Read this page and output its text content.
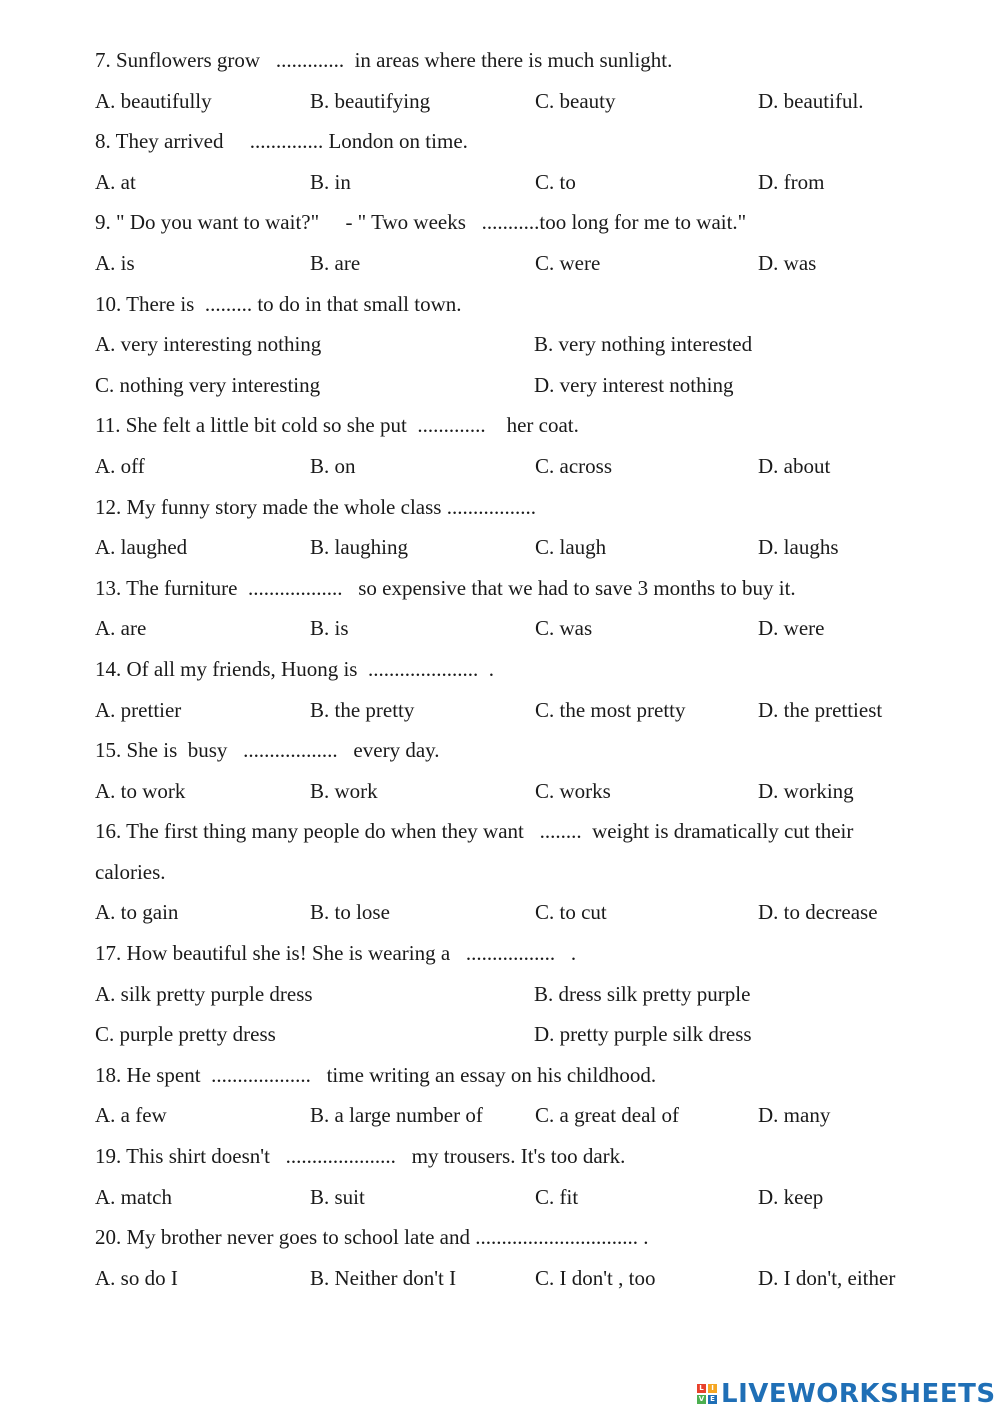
7. Sunflowers grow   .............  in areas where there is much sunlight.
A. beautifully	B. beautifying	C. beauty	D. beautiful.
8. They arrived     .............. London on time.
A. at	B. in	C. to	D. from
9. " Do you want to wait?"     - " Two weeks   ...........too long for me to wait."
A. is	B. are	C. were	D. was
10. There is  ......... to do in that small town.
A. very interesting nothing	B. very nothing interested
C. nothing very interesting	D. very interest nothing
11. She felt a little bit cold so she put  .............    her coat.
A. off	B. on	C. across	D. about
12. My funny story made the whole class .................
A. laughed	B. laughing	C. laugh	D. laughs
13. The furniture  ..................   so expensive that we had to save 3 months to buy it.
A. are	B. is	C. was	D. were
14. Of all my friends, Huong is  .....................  .
A. prettier	B. the pretty	C. the most pretty	D. the prettiest
15. She is  busy   ..................   every day.
A. to work	B. work	C. works	D. working
16. The first thing many people do when they want   ........  weight is dramatically cut their
calories.
A. to gain	B. to lose	C. to cut	D. to decrease
17. How beautiful she is! She is wearing a   .................   .
A. silk pretty purple dress	B. dress silk pretty purple
C. purple pretty dress	D. pretty purple silk dress
18. He spent  ...................   time writing an essay on his childhood.
A. a few	B. a large number of C. a great deal of	D. many
19. This shirt doesn't   .....................   my trousers. It's too dark.
A. match	B. suit	C. fit	D. keep
20. My brother never goes to school late and ............................... .
A. so do I	B. Neither don't I	C. I don't , too	D. I don't, either
L	I
V E LIVEWORKSHEETS
